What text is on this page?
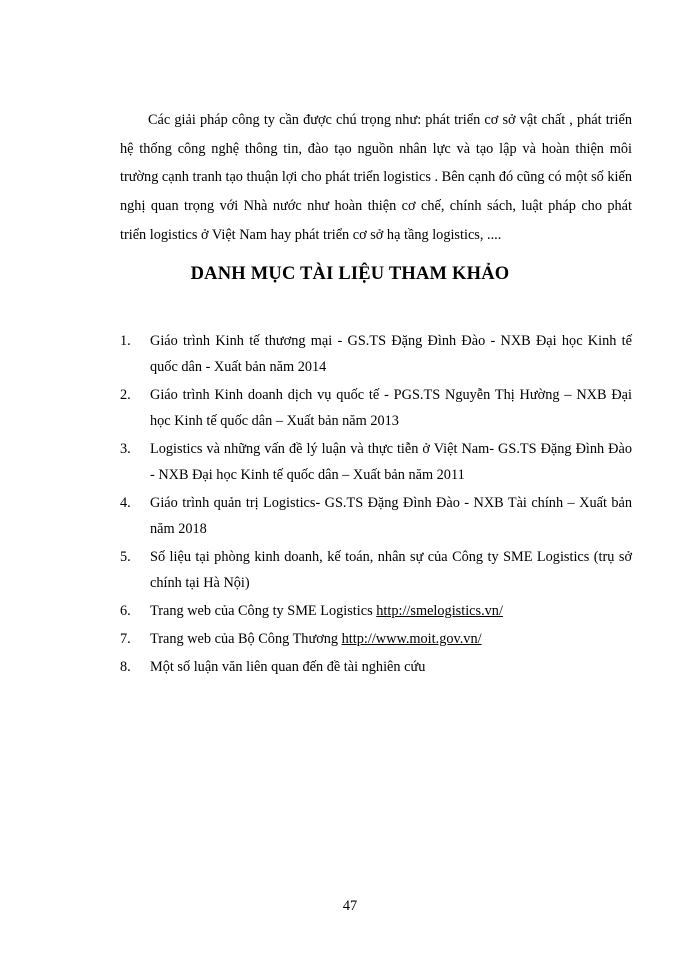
Các giải pháp công ty cần được chú trọng như: phát triển cơ sở vật chất , phát triển hệ thống công nghệ thông tin, đào tạo nguồn nhân lực và tạo lập và hoàn thiện môi trường cạnh tranh tạo thuận lợi cho phát triển logistics . Bên cạnh đó cũng có một số kiến nghị quan trọng với Nhà nước như hoàn thiện cơ chế, chính sách, luật pháp cho phát triển logistics ở Việt Nam hay phát triển cơ sở hạ tầng logistics, ....

DANH MỤC TÀI LIỆU THAM KHẢO
1.	Giáo trình Kinh tế thương mại - GS.TS Đặng Đình Đào - NXB Đại học Kinh tế quốc dân - Xuất bản năm 2014
2.	Giáo trình Kinh doanh dịch vụ quốc tế - PGS.TS Nguyễn Thị Hường – NXB Đại học Kinh tế quốc dân – Xuất bản năm 2013
3.	Logistics và những vấn đề lý luận và thực tiễn ở Việt Nam- GS.TS Đặng Đình Đào - NXB Đại học Kinh tế quốc dân – Xuất bản năm 2011
4.	Giáo trình quản trị Logistics- GS.TS Đặng Đình Đào - NXB Tài chính – Xuất bản năm 2018
5.	Số liệu tại phòng kinh doanh, kế toán, nhân sự của Công ty SME Logistics (trụ sở chính tại Hà Nội)
6.	Trang web của Công ty SME Logistics http://smelogistics.vn/
7.	Trang web của Bộ Công Thương http://www.moit.gov.vn/
8.	Một số luận văn liên quan đến đề tài nghiên cứu

47
